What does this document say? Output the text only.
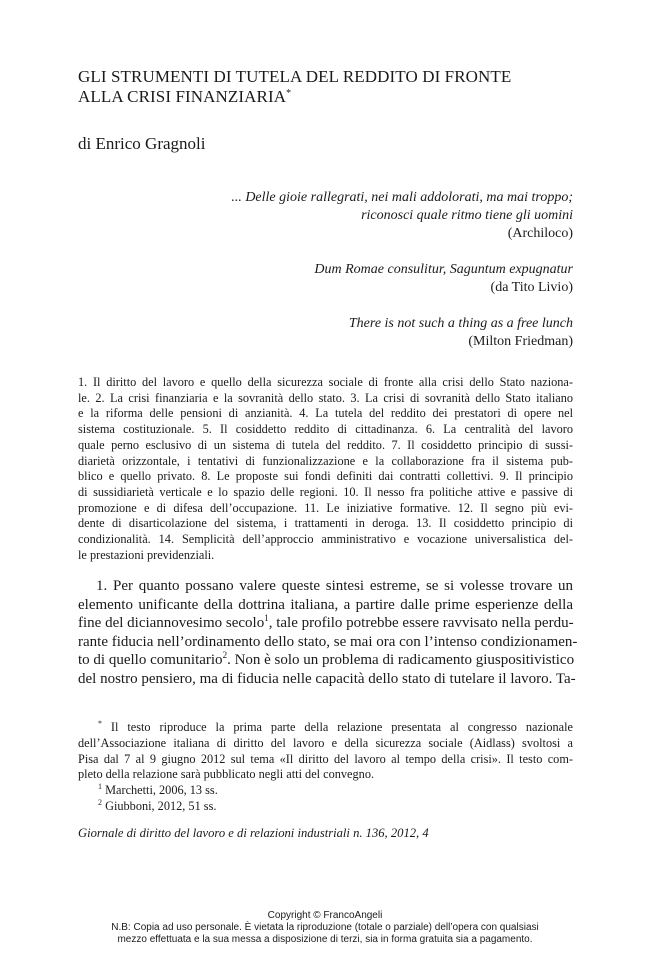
GLI STRUMENTI DI TUTELA DEL REDDITO DI FRONTE
ALLA CRISI FINANZIARIA*
di Enrico Gragnoli
... Delle gioie rallegrati, nei mali addolorati, ma mai troppo;
riconosci quale ritmo tiene gli uomini
(Archiloco)
Dum Romae consulitur, Saguntum expugnatur
(da Tito Livio)
There is not such a thing as a free lunch
(Milton Friedman)
1. Il diritto del lavoro e quello della sicurezza sociale di fronte alla crisi dello Stato naziona-
le. 2. La crisi finanziaria e la sovranità dello stato. 3. La crisi di sovranità dello Stato italiano
e la riforma delle pensioni di anzianità. 4. La tutela del reddito dei prestatori di opere nel
sistema costituzionale. 5. Il cosiddetto reddito di cittadinanza. 6. La centralità del lavoro
quale perno esclusivo di un sistema di tutela del reddito. 7. Il cosiddetto principio di sussi-
diarietà orizzontale, i tentativi di funzionalizzazione e la collaborazione fra il sistema pub-
blico e quello privato. 8. Le proposte sui fondi definiti dai contratti collettivi. 9. Il principio
di sussidiarietà verticale e lo spazio delle regioni. 10. Il nesso fra politiche attive e passive di
promozione e di difesa dell’occupazione. 11. Le iniziative formative. 12. Il segno più evi-
dente di disarticolazione del sistema, i trattamenti in deroga. 13. Il cosiddetto principio di
condizionalità. 14. Semplicità dell’approccio amministrativo e vocazione universalistica del-
le prestazioni previdenziali.
1. Per quanto possano valere queste sintesi estreme, se si volesse trovare un
elemento unificante della dottrina italiana, a partire dalle prime esperienze della
fine del diciannovesimo secolo$^1$, tale profilo potrebbe essere ravvisato nella perdu-
rante fiducia nell’ordinamento dello stato, se mai ora con l’intenso condizionamen-
to di quello comunitario$^2$. Non è solo un problema di radicamento giuspositivistico
del nostro pensiero, ma di fiducia nelle capacità dello stato di tutelare il lavoro. Ta-
* Il testo riproduce la prima parte della relazione presentata al congresso nazionale
dell’Associazione italiana di diritto del lavoro e della sicurezza sociale (Aidlass) svoltosi a
Pisa dal 7 al 9 giugno 2012 sul tema «Il diritto del lavoro al tempo della crisi». Il testo com-
pleto della relazione sarà pubblicato negli atti del convegno.
$^1$ Marchetti, 2006, 13 ss.
$^2$ Giubboni, 2012, 51 ss.
Giornale di diritto del lavoro e di relazioni industriali n. 136, 2012, 4
Copyright © FrancoAngeli
N.B: Copia ad uso personale. È vietata la riproduzione (totale o parziale) dell’opera con qualsiasi
mezzo effettuata e la sua messa a disposizione di terzi, sia in forma gratuita sia a pagamento.
